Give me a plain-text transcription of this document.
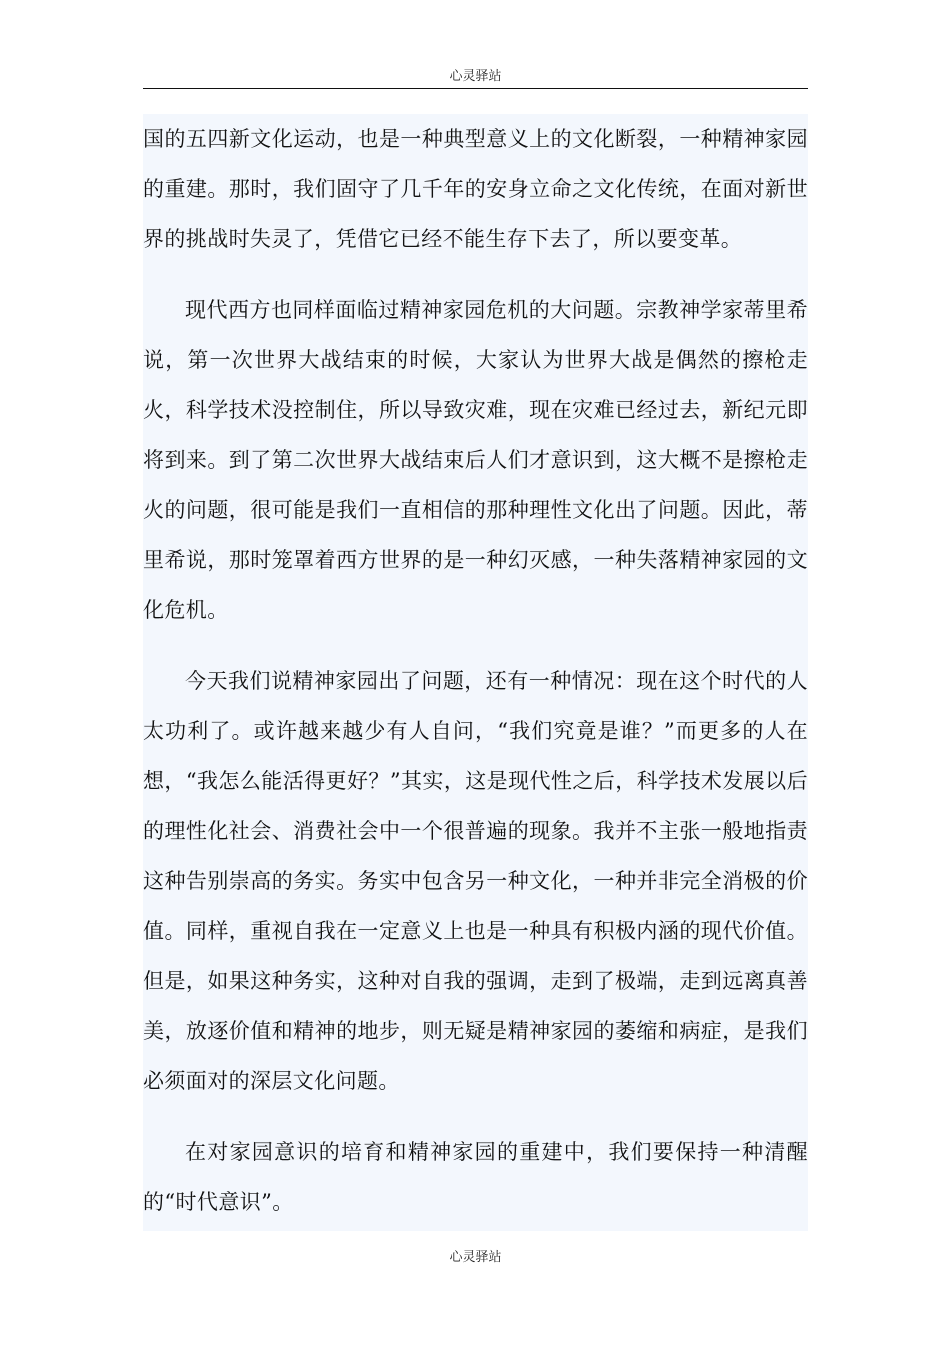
心灵驿站

国的五四新文化运动，也是一种典型意义上的文化断裂，一种精神家园的重建。那时，我们固守了几千年的安身立命之文化传统，在面对新世界的挑战时失灵了，凭借它已经不能生存下去了，所以要变革。

现代西方也同样面临过精神家园危机的大问题。宗教神学家蒂里希说，第一次世界大战结束的时候，大家认为世界大战是偶然的擦枪走火，科学技术没控制住，所以导致灾难，现在灾难已经过去，新纪元即将到来。到了第二次世界大战结束后人们才意识到，这大概不是擦枪走火的问题，很可能是我们一直相信的那种理性文化出了问题。因此，蒂里希说，那时笼罩着西方世界的是一种幻灭感，一种失落精神家园的文化危机。

今天我们说精神家园出了问题，还有一种情况：现在这个时代的人太功利了。或许越来越少有人自问，“我们究竟是谁？”而更多的人在想，“我怎么能活得更好？”其实，这是现代性之后，科学技术发展以后的理性化社会、消费社会中一个很普遍的现象。我并不主张一般地指责这种告别崇高的务实。务实中包含另一种文化，一种并非完全消极的价值。同样，重视自我在一定意义上也是一种具有积极内涵的现代价值。但是，如果这种务实，这种对自我的强调，走到了极端，走到远离真善美，放逐价值和精神的地步，则无疑是精神家园的萎缩和病症，是我们必须面对的深层文化问题。

在对家园意识的培育和精神家园的重建中，我们要保持一种清醒的“时代意识”。

心灵驿站
